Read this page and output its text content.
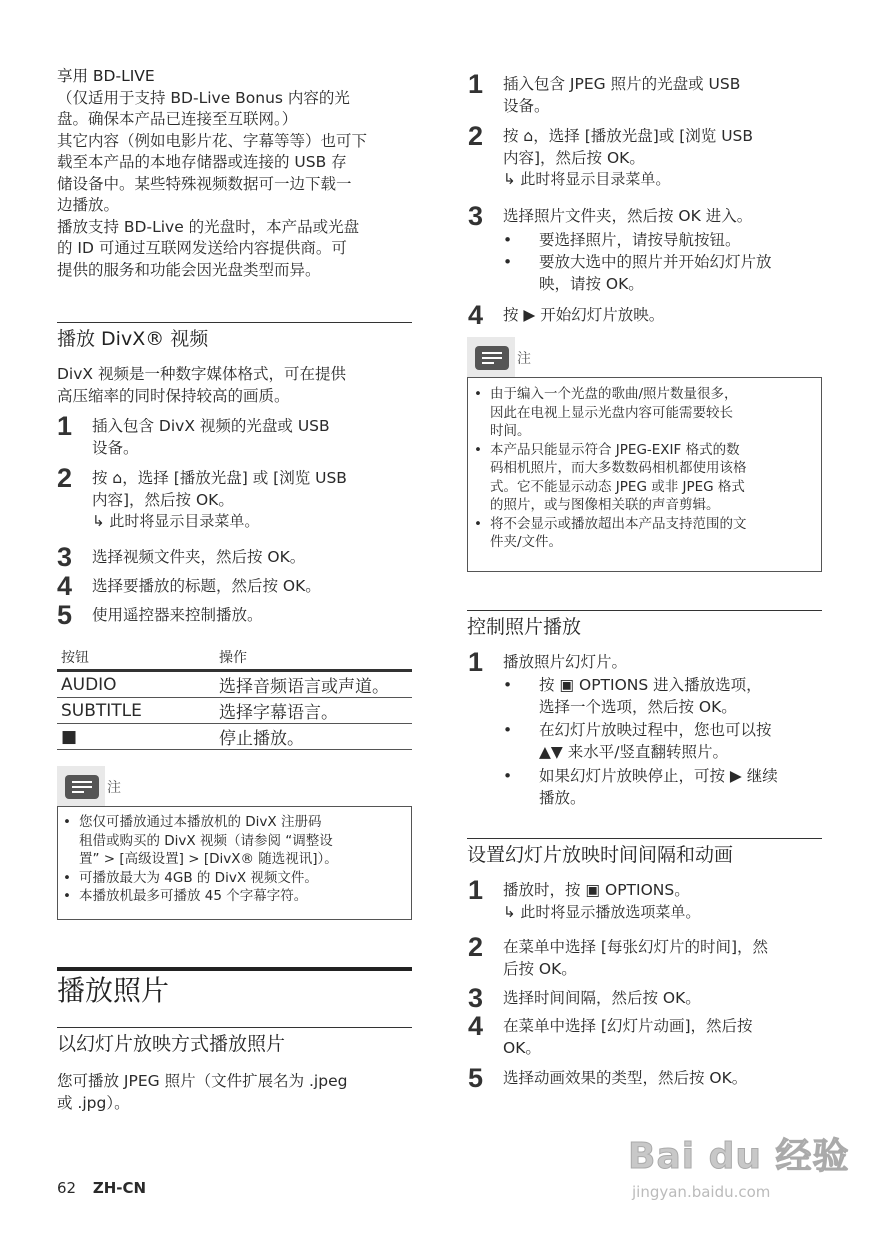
享用 BD-LIVE

（仅适用于支持 BD-Live Bonus 内容的光

盘。确保本产品已连接至互联网。）

其它内容（例如电影片花、字幕等等）也可下

载至本产品的本地存储器或连接的 USB 存

储设备中。某些特殊视频数据可一边下载一

边播放。

播放支持 BD-Live 的光盘时，本产品或光盘

的 ID 可通过互联网发送给内容提供商。可

提供的服务和功能会因光盘类型而异。

播放 DivX® 视频

DivX 视频是一种数字媒体格式，可在提供

高压缩率的同时保持较高的画质。

1 插入包含 DivX 视频的光盘或 USB
设备。
2 按 ⌂，选择 [播放光盘] 或 [浏览 USB
内容]，然后按 OK。
↳ 此时将显示目录菜单。
3 选择视频文件夹，然后按 OK。
4 选择要播放的标题，然后按 OK。
5 使用遥控器来控制播放。
按钮	操作
AUDIO	选择音频语言或声道。
SUBTITLE	选择字幕语言。
■	停止播放。
注
• 您仅可播放通过本播放机的 DivX 注册码
租借或购买的 DivX 视频（请参阅 “调整设
置” > [高级设置] > [DivX® 随选视讯]）。
• 可播放最大为 4GB 的 DivX 视频文件。
• 本播放机最多可播放 45 个字幕字符。

播放照片

以幻灯片放映方式播放照片

您可播放 JPEG 照片（文件扩展名为 .jpeg

或 .jpg）。

62 ZH-CN
1 插入包含 JPEG 照片的光盘或 USB
设备。
2 按 ⌂，选择 [播放光盘]或 [浏览 USB
内容]，然后按 OK。
↳ 此时将显示目录菜单。
3 选择照片文件夹，然后按 OK 进入。
• 要选择照片，请按导航按钮。
• 要放大选中的照片并开始幻灯片放
映，请按 OK。
4 按 ▶ 开始幻灯片放映。
注
• 由于编入一个光盘的歌曲/照片数量很多，
因此在电视上显示光盘内容可能需要较长
时间。
• 本产品只能显示符合 JPEG-EXIF 格式的数
码相机照片，而大多数数码相机都使用该格
式。它不能显示动态 JPEG 或非 JPEG 格式
的照片，或与图像相关联的声音剪辑。
• 将不会显示或播放超出本产品支持范围的文
件夹/文件。

控制照片播放

1 播放照片幻灯片。
• 按 ▣ OPTIONS 进入播放选项，
选择一个选项，然后按 OK。
• 在幻灯片放映过程中，您也可以按
▲▼ 来水平/竖直翻转照片。
• 如果幻灯片放映停止，可按 ▶ 继续
播放。

设置幻灯片放映时间间隔和动画

1 播放时，按 ▣ OPTIONS。
↳ 此时将显示播放选项菜单。
2 在菜单中选择 [每张幻灯片的时间]，然
后按 OK。
3 选择时间间隔，然后按 OK。
4 在菜单中选择 [幻灯片动画]，然后按
OK。
5 选择动画效果的类型，然后按 OK。
Bai du 经验
jingyan.baidu.com
